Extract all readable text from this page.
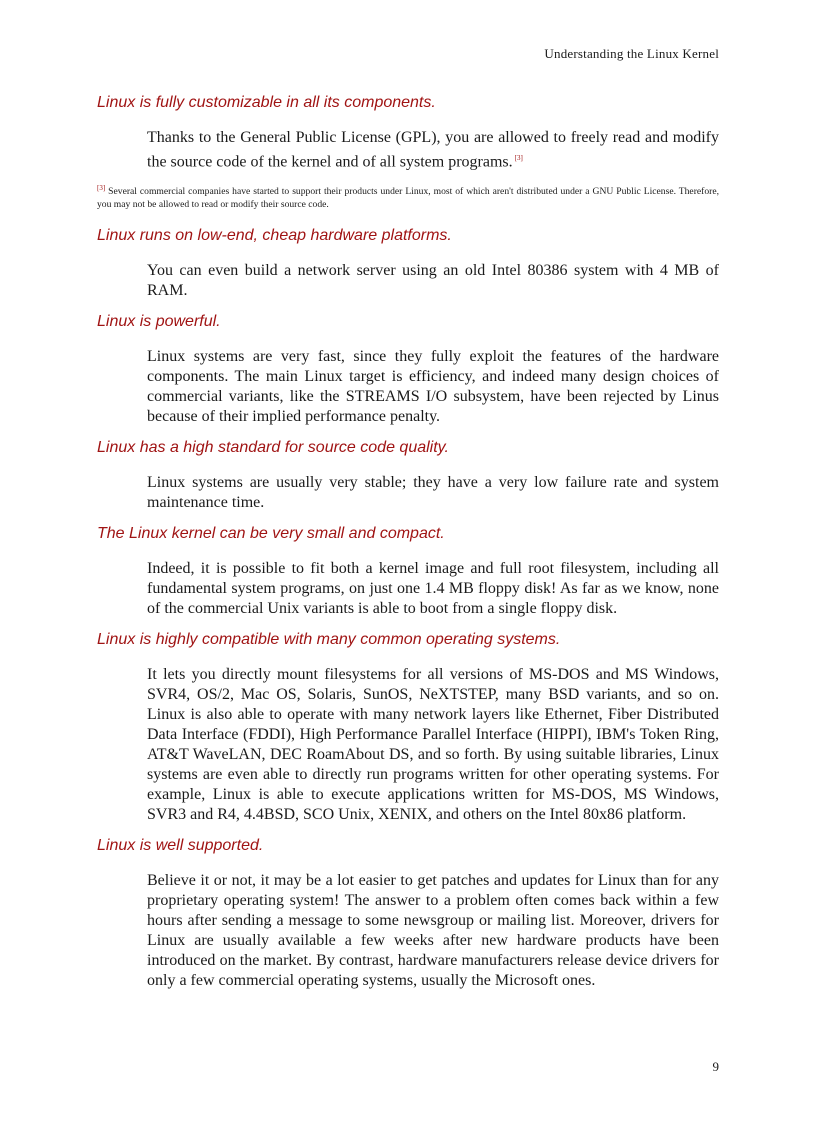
Understanding the Linux Kernel
Linux is fully customizable in all its components.

Thanks to the General Public License (GPL), you are allowed to freely read and modify the source code of the kernel and of all system programs. [3]

[3] Several commercial companies have started to support their products under Linux, most of which aren't distributed under a GNU Public License. Therefore, you may not be allowed to read or modify their source code.
Linux runs on low-end, cheap hardware platforms.

You can even build a network server using an old Intel 80386 system with 4 MB of RAM.

Linux is powerful.

Linux systems are very fast, since they fully exploit the features of the hardware components. The main Linux target is efficiency, and indeed many design choices of commercial variants, like the STREAMS I/O subsystem, have been rejected by Linus because of their implied performance penalty.

Linux has a high standard for source code quality.

Linux systems are usually very stable; they have a very low failure rate and system maintenance time.

The Linux kernel can be very small and compact.

Indeed, it is possible to fit both a kernel image and full root filesystem, including all fundamental system programs, on just one 1.4 MB floppy disk! As far as we know, none of the commercial Unix variants is able to boot from a single floppy disk.

Linux is highly compatible with many common operating systems.

It lets you directly mount filesystems for all versions of MS-DOS and MS Windows, SVR4, OS/2, Mac OS, Solaris, SunOS, NeXTSTEP, many BSD variants, and so on. Linux is also able to operate with many network layers like Ethernet, Fiber Distributed Data Interface (FDDI), High Performance Parallel Interface (HIPPI), IBM's Token Ring, AT&T WaveLAN, DEC RoamAbout DS, and so forth. By using suitable libraries, Linux systems are even able to directly run programs written for other operating systems. For example, Linux is able to execute applications written for MS-DOS, MS Windows, SVR3 and R4, 4.4BSD, SCO Unix, XENIX, and others on the Intel 80x86 platform.

Linux is well supported.

Believe it or not, it may be a lot easier to get patches and updates for Linux than for any proprietary operating system! The answer to a problem often comes back within a few hours after sending a message to some newsgroup or mailing list. Moreover, drivers for Linux are usually available a few weeks after new hardware products have been introduced on the market. By contrast, hardware manufacturers release device drivers for only a few commercial operating systems, usually the Microsoft ones.

9
